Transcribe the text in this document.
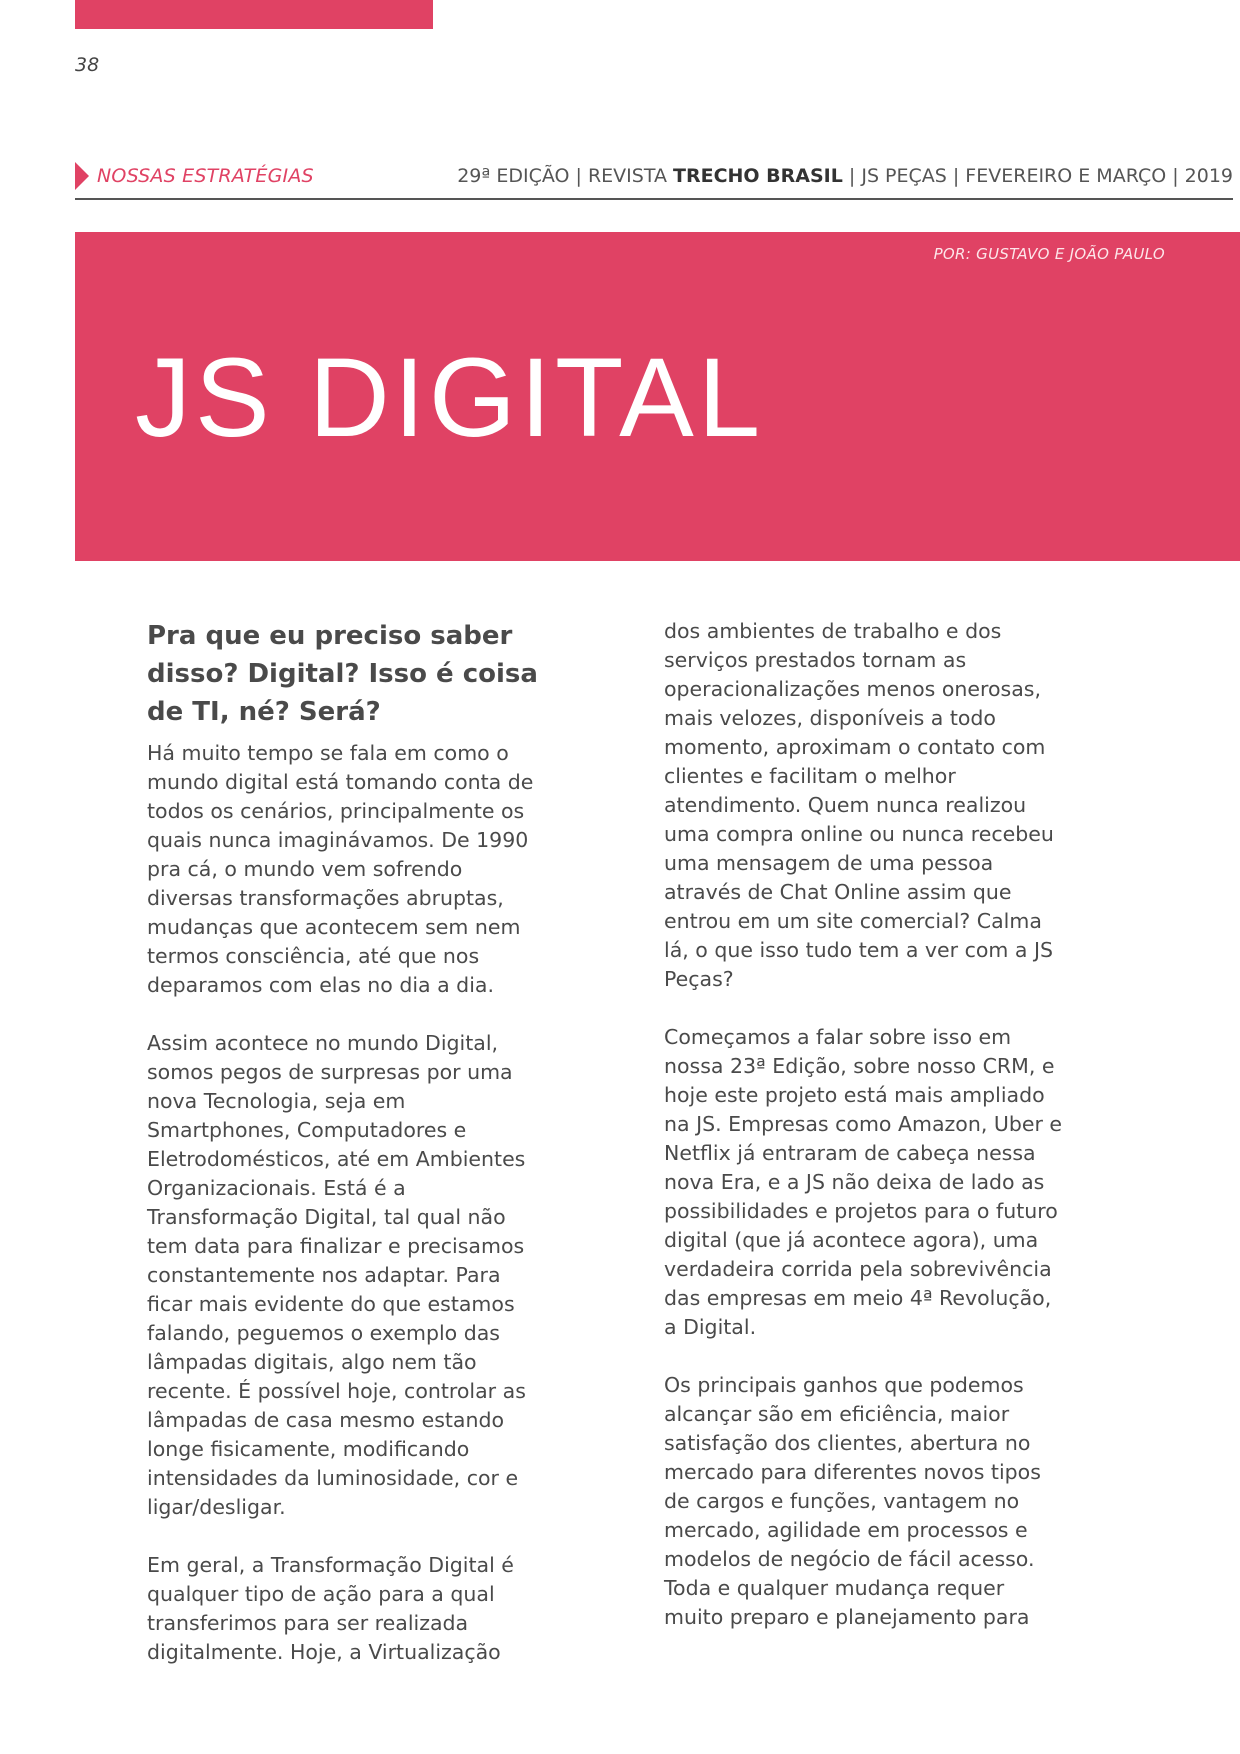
38
NOSSAS ESTRATÉGIAS	29ª EDIÇÃO | REVISTA TRECHO BRASIL | JS PEÇAS | FEVEREIRO E MARÇO | 2019
POR: GUSTAVO E JOÃO PAULO
JS DIGITAL
Pra que eu preciso saber disso? Digital? Isso é coisa de TI, né? Será?

Há muito tempo se fala em como o mundo digital está tomando conta de todos os cenários, principalmente os quais nunca imaginávamos. De 1990 pra cá, o mundo vem sofrendo diversas transformações abruptas, mudanças que acontecem sem nem termos consciência, até que nos deparamos com elas no dia a dia.

Assim acontece no mundo Digital, somos pegos de surpresas por uma nova Tecnologia, seja em Smartphones, Computadores e Eletrodomésticos, até em Ambientes Organizacionais. Está é a Transformação Digital, tal qual não tem data para finalizar e precisamos constantemente nos adaptar. Para ficar mais evidente do que estamos falando, peguemos o exemplo das lâmpadas digitais, algo nem tão recente. É possível hoje, controlar as lâmpadas de casa mesmo estando longe fisicamente, modificando intensidades da luminosidade, cor e ligar/desligar.

Em geral, a Transformação Digital é qualquer tipo de ação para a qual transferimos para ser realizada digitalmente. Hoje, a Virtualização

dos ambientes de trabalho e dos serviços prestados tornam as operacionalizações menos onerosas, mais velozes, disponíveis a todo momento, aproximam o contato com clientes e facilitam o melhor atendimento. Quem nunca realizou uma compra online ou nunca recebeu uma mensagem de uma pessoa através de Chat Online assim que entrou em um site comercial? Calma lá, o que isso tudo tem a ver com a JS Peças?

Começamos a falar sobre isso em nossa 23ª Edição, sobre nosso CRM, e hoje este projeto está mais ampliado na JS. Empresas como Amazon, Uber e Netflix já entraram de cabeça nessa nova Era, e a JS não deixa de lado as possibilidades e projetos para o futuro digital (que já acontece agora), uma verdadeira corrida pela sobrevivência das empresas em meio 4ª Revolução, a Digital.

Os principais ganhos que podemos alcançar são em eficiência, maior satisfação dos clientes, abertura no mercado para diferentes novos tipos de cargos e funções, vantagem no mercado, agilidade em processos e modelos de negócio de fácil acesso. Toda e qualquer mudança requer muito preparo e planejamento para
